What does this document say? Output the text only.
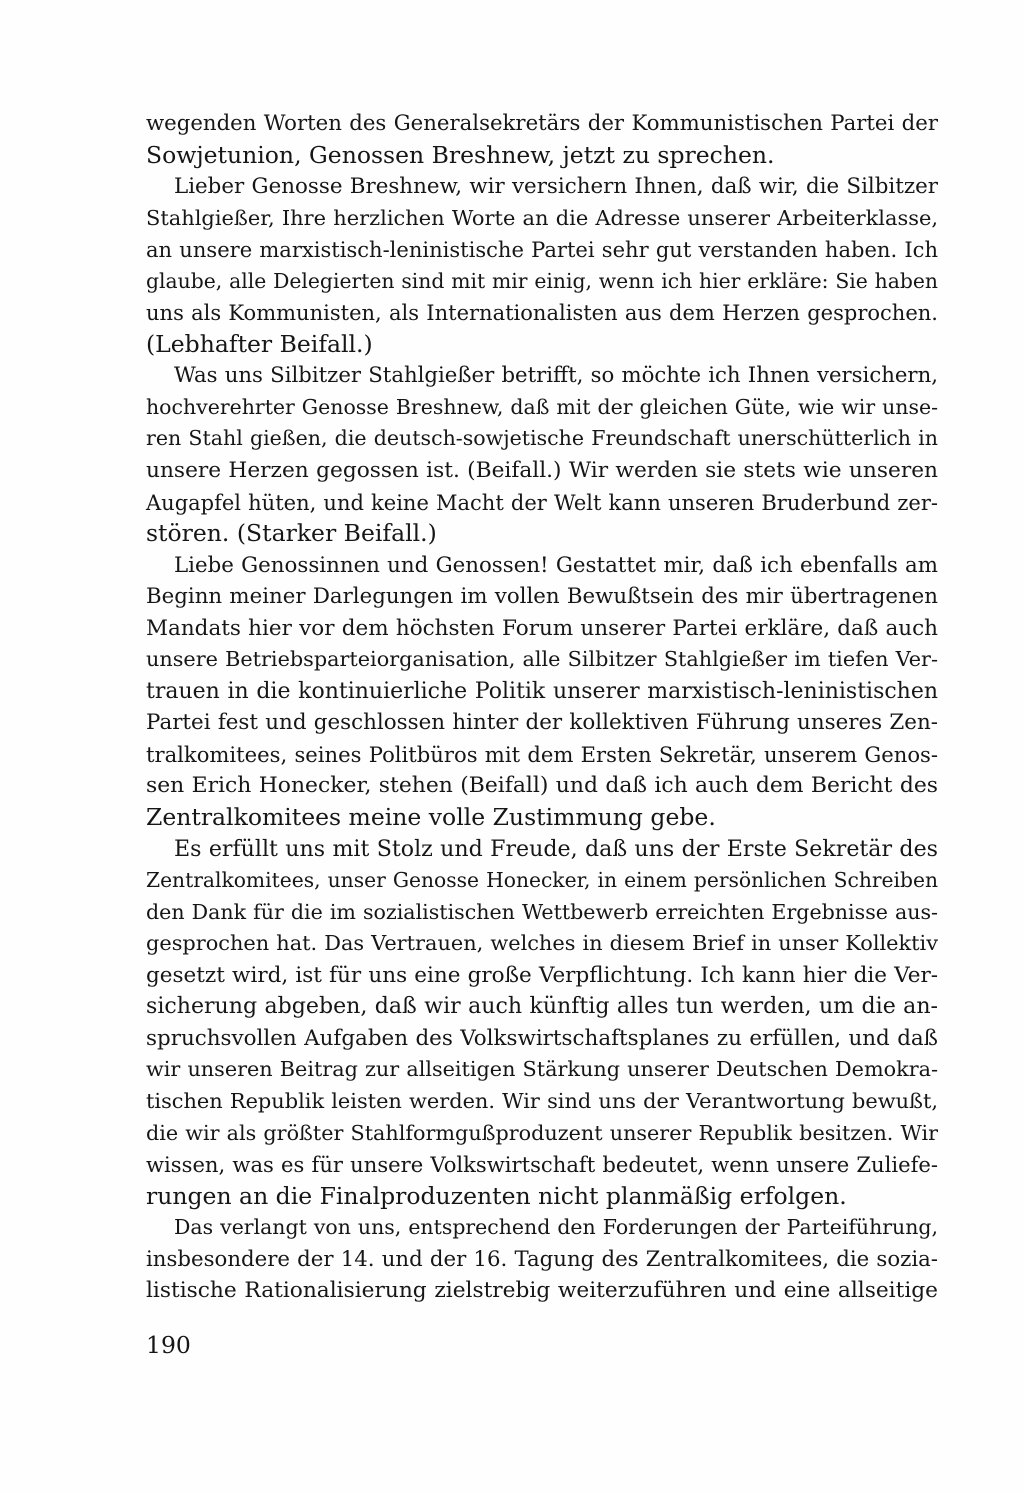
wegenden Worten des Generalsekretärs der Kommunistischen Partei der
Sowjetunion, Genossen Breshnew, jetzt zu sprechen.
Lieber Genosse Breshnew, wir versichern Ihnen, daß wir, die Silbitzer
Stahlgießer, Ihre herzlichen Worte an die Adresse unserer Arbeiterklasse,
an unsere marxistisch-leninistische Partei sehr gut verstanden haben. Ich
glaube, alle Delegierten sind mit mir einig, wenn ich hier erkläre: Sie haben
uns als Kommunisten, als Internationalisten aus dem Herzen gesprochen.
(Lebhafter Beifall.)
Was uns Silbitzer Stahlgießer betrifft, so möchte ich Ihnen versichern,
hochverehrter Genosse Breshnew, daß mit der gleichen Güte, wie wir unse-
ren Stahl gießen, die deutsch-sowjetische Freundschaft unerschütterlich in
unsere Herzen gegossen ist. (Beifall.) Wir werden sie stets wie unseren
Augapfel hüten, und keine Macht der Welt kann unseren Bruderbund zer-
stören. (Starker Beifall.)
Liebe Genossinnen und Genossen! Gestattet mir, daß ich ebenfalls am
Beginn meiner Darlegungen im vollen Bewußtsein des mir übertragenen
Mandats hier vor dem höchsten Forum unserer Partei erkläre, daß auch
unsere Betriebsparteiorganisation, alle Silbitzer Stahlgießer im tiefen Ver-
trauen in die kontinuierliche Politik unserer marxistisch-leninistischen
Partei fest und geschlossen hinter der kollektiven Führung unseres Zen-
tralkomitees, seines Politbüros mit dem Ersten Sekretär, unserem Genos-
sen Erich Honecker, stehen (Beifall) und daß ich auch dem Bericht des
Zentralkomitees meine volle Zustimmung gebe.
Es erfüllt uns mit Stolz und Freude, daß uns der Erste Sekretär des
Zentralkomitees, unser Genosse Honecker, in einem persönlichen Schreiben
den Dank für die im sozialistischen Wettbewerb erreichten Ergebnisse aus-
gesprochen hat. Das Vertrauen, welches in diesem Brief in unser Kollektiv
gesetzt wird, ist für uns eine große Verpflichtung. Ich kann hier die Ver-
sicherung abgeben, daß wir auch künftig alles tun werden, um die an-
spruchsvollen Aufgaben des Volkswirtschaftsplanes zu erfüllen, und daß
wir unseren Beitrag zur allseitigen Stärkung unserer Deutschen Demokra-
tischen Republik leisten werden. Wir sind uns der Verantwortung bewußt,
die wir als größter Stahlformgußproduzent unserer Republik besitzen. Wir
wissen, was es für unsere Volkswirtschaft bedeutet, wenn unsere Zuliefe-
rungen an die Finalproduzenten nicht planmäßig erfolgen.
Das verlangt von uns, entsprechend den Forderungen der Parteiführung,
insbesondere der 14. und der 16. Tagung des Zentralkomitees, die sozia-
listische Rationalisierung zielstrebig weiterzuführen und eine allseitige
190
